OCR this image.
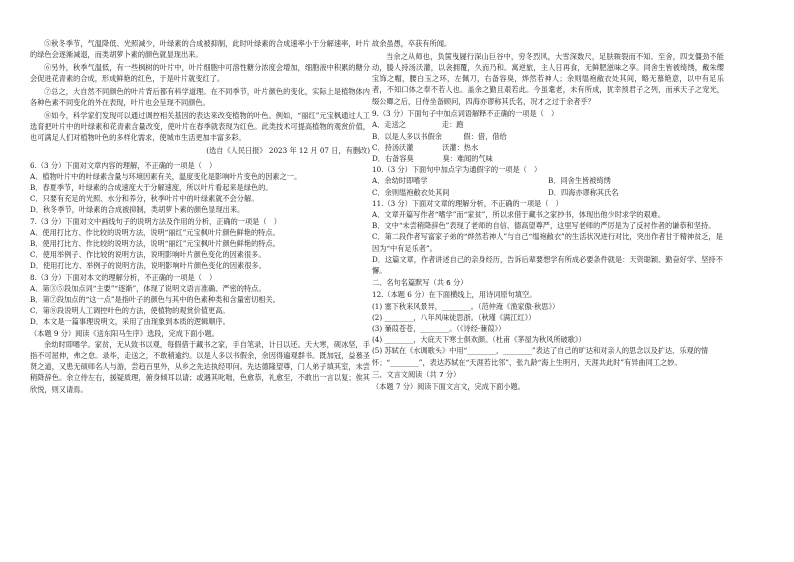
⑤秋冬季节，气温降低、光照减少，叶绿素的合成被抑制，此时叶绿素的合成速率小于分解速率，叶片的绿色会逐渐减退，而类胡萝卜素的颜色就显现出来。

⑥另外，秋季气温低，有一些枫树的叶片中，叶片细胞中可溶性糖分浓度会增加，细胞液中积累的糖分会促进花青素的合成，形成鲜艳的红色，于是叶片就变红了。

⑦总之，大自然不同颜色的叶片背后都有科学道理。在不同季节，叶片颜色的变化，实际上是植物体内各种色素不同变化的外在表现，叶片也会呈现不同颜色。

⑧如今，科学家们发现可以通过调控相关基因的表达来改变植物的叶色。例如，“丽红”元宝枫通过人工选育把叶片中的叶绿素和花青素含量改变，使叶片在春季就表现为红色。此类技术可提高植物的观赏价值，也可满足人们对植物叶色的多样化需求，使城市生活更加丰富多彩。

(选自《人民日报》 2023 年 12 月 07 日，有删改)

6.（3 分）下面对文章内容的理解，不正确的一项是（　）

A．植物叶片中的叶绿素含量与环境因素有关，温度变化是影响叶片变色的因素之一。

B．春夏季节，叶绿素的合成速度大于分解速度，所以叶片看起来是绿色的。

C．只要有充足的光照、水分和养分，秋季叶片中的叶绿素就不会分解。

D．秋冬季节，叶绿素的合成被抑制，类胡萝卜素的颜色显现出来。

7.（3 分）下面对文中画线句子的说明方法及作用的分析，正确的一项是（　）

A．使用打比方、作比较的说明方法，说明“丽红”元宝枫叶片颜色鲜艳的特点。

B．使用打比方、作比较的说明方法，说明“丽红”元宝枫叶片颜色鲜艳的特点。

C．使用举例子、作比较的说明方法，说明影响叶片颜色变化的因素很多。

D．使用打比方、举例子的说明方法，说明影响叶片颜色变化的因素很多。

8.（3 分）下面对本文的理解分析，不正确的一项是（　）

A．第③⑤段加点词“主要”“逐渐”，体现了说明文语言准确、严密的特点。

B．第⑦段加点的“这一点”是指叶子的颜色与其中的色素种类和含量密切相关。

C．第⑧段说明人工调控叶色的方法，使植物的观赏价值更高。

D．本文是一篇事理说明文，采用了由现象到本质的逻辑顺序。

（本题 9 分）阅读《送东阳马生序》选段，完成下面小题。

余幼时即嗜学。家贫，无从致书以观，每假借于藏书之家，手自笔录，计日以还。天大寒，砚冰坚，手指不可屈伸，弗之怠。录毕，走送之，不敢稍逾约。以是人多以书假余，余因得遍观群书。既加冠，益慕圣贤之道，又患无硕师名人与游，尝趋百里外，从乡之先达执经叩问。先达德隆望尊，门人弟子填其室，未尝稍降辞色。余立侍左右，援疑质理，俯身倾耳以请；或遇其叱咄，色愈恭，礼愈至，不敢出一言以复；俟其欣悦，则又请焉。

故余虽愚，卒获有所闻。

当余之从师也，负箧曳屣行深山巨谷中，穷冬烈风，大雪深数尺，足肤皲裂而不知。至舍，四支僵劲不能动，媵人持汤沃灌，以衾拥覆，久而乃和。寓逆旅，主人日再食，无鲜肥滋味之享。同舍生皆被绮绣，戴朱缨宝饰之帽，腰白玉之环，左佩刀，右备容臭，烨然若神人；余则缊袍敝衣处其间，略无慕艳意，以中有足乐者，不知口体之奉不若人也。盖余之勤且艰若此。今虽耄老，未有所成，犹幸预君子之列，而承天子之宠光，缀公卿之后，日侍坐备顾问，四海亦谬称其氏名，况才之过于余者乎？

9.（3 分）下面句子中加点词语解释不正确的一项是（　）

A．走送之　　　　　走：跑

B．以是人多以书假余　　　假：借，借给

C．持汤沃灌　　　　沃灌：热水

D．右备容臭　　　　臭：难闻的气味

10.（3 分）下面句中加点字为通假字的一项是（　）

A．余幼时即嗜学	B．同舍生皆被绮绣

C．余则缊袍敝衣处其间	D．四海亦谬称其氏名

11.（3 分）下面对文章的理解分析，不正确的一项是（　）

A．文章开篇写作者“嗜学”而“家贫”，所以求借于藏书之家抄书，体现出他少时求学的艰难。

B．文中“未尝稍降辞色”表现了老师的自信、德高望尊严，这里写老师的严厉是为了反衬作者的谦恭和坚持。

C．第二段作者写富家子弟的“烨然若神人”与自己“缊袍敝衣”的生活状况进行对比，突出作者甘于精神贫乏，是因为“中有足乐者”。

D．这篇文章，作者讲述自己的亲身经历，告诉后辈要想学有所成必要条件就是：天资聪颖、勤奋好学、坚持不懈。

二、名句名篇默写（共 6 分）

12.（本题 6 分）在下面横线上，用诗词原句填空。

(1) 塞下秋来风景异，________。（范仲淹《渔家傲·秋思》）

(2) ________，八年风味徒思浙。（秋瑾《满江红》）

(3) 蒹葭苍苍，________。（《诗经·蒹葭》）

(4) ________，大庇天下寒士俱欢颜。（杜甫《茅屋为秋风所破歌》）

(5) 苏轼在《水调歌头》中用“________，________”表达了自己的旷达和对亲人的思念以及扩达、乐观的情怀；“________”，表达苏轼在“天涯若比邻”、张九龄“海上生明月，天涯共此时”有异曲同工之妙。

三、文言文阅读（共 7 分）

（本题 7 分）阅读下面文言文，完成下面小题。
